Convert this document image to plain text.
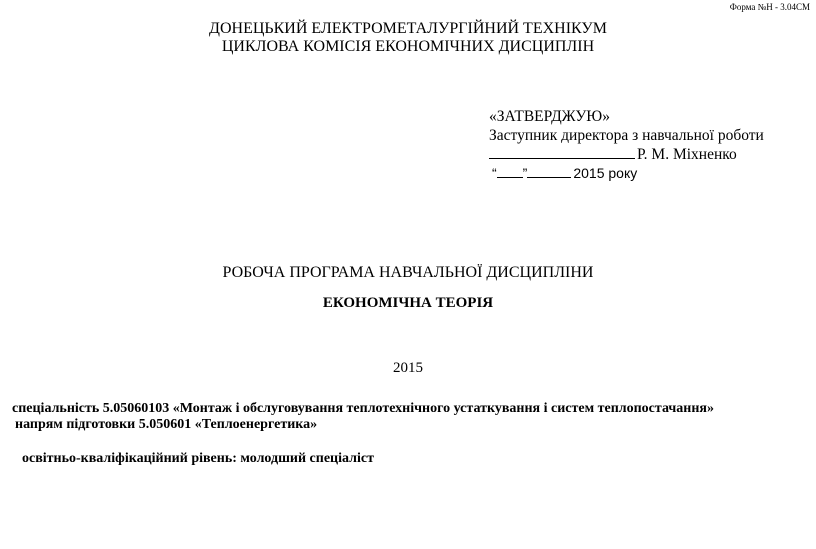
Форма №Н - 3.04СМ
ДОНЕЦЬКИЙ ЕЛЕКТРОМЕТАЛУРГІЙНИЙ ТЕХНІКУМ
ЦИКЛОВА КОМІСІЯ ЕКОНОМІЧНИХ ДИСЦИПЛІН
«ЗАТВЕРДЖУЮ»
Заступник директора з навчальної роботи
Р. М. Міхненко
“ ”	2015 року
РОБОЧА ПРОГРАМА НАВЧАЛЬНОЇ ДИСЦИПЛІНИ
ЕКОНОМІЧНА ТЕОРІЯ
2015
спеціальність 5.05060103 «Монтаж і обслуговування теплотехнічного устаткування і систем теплопостачання»
напрям підготовки 5.050601 «Теплоенергетика»
освітньо-кваліфікаційний рівень: молодший спеціаліст
